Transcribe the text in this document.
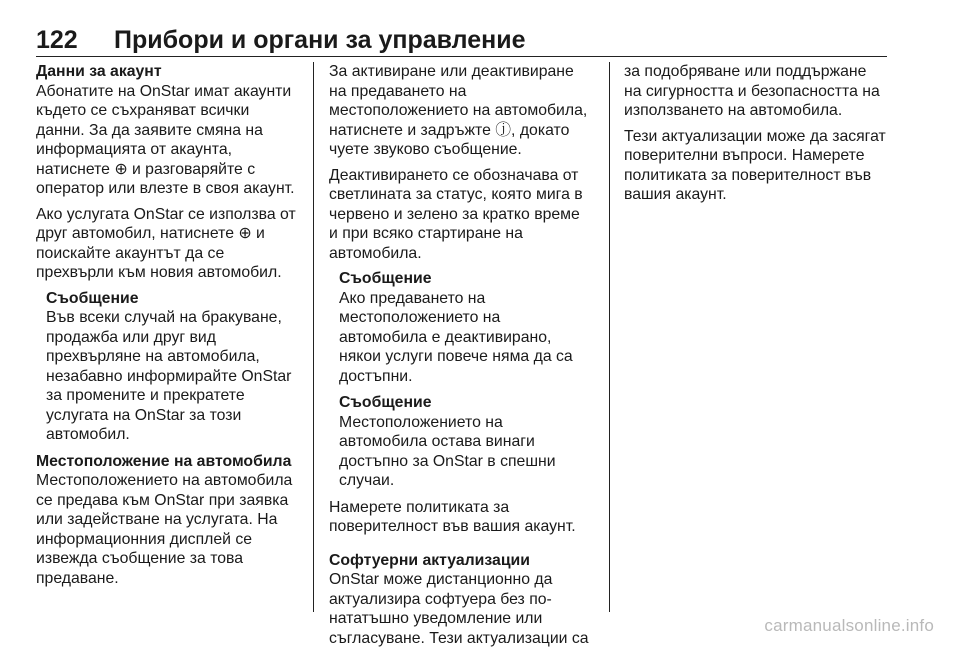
122	Прибори и органи за управление
Данни за акаунт

Абонатите на OnStar имат акаунти
където се съхраняват всички
данни. За да заявите смяна на
информацията от акаунта,
натиснете ⊕ и разговаряйте с
оператор или влезте в своя акаунт.

Ако услугата OnStar се използва от
друг автомобил, натиснете ⊕ и
поискайте акаунтът да се
прехвърли към новия автомобил.

Съобщение

Във всеки случай на бракуване,
продажба или друг вид
прехвърляне на автомобила,
незабавно информирайте OnStar
за промените и прекратете
услугата на OnStar за този
автомобил.

Местоположение на автомобила

Местоположението на автомобила
се предава към OnStar при заявка
или задействане на услугата. На
информационния дисплей се
извежда съобщение за това
предаване.

За активиране или деактивиране
на предаването на
местоположението на автомобила,
натиснете и задръжте ⓙ, докато
чуете звуково съобщение.

Деактивирането се обозначава от
светлината за статус, която мига в
червено и зелено за кратко време
и при всяко стартиране на
автомобила.

Съобщение

Ако предаването на
местоположението на
автомобила е деактивирано,
някои услуги повече няма да са
достъпни.

Съобщение

Местоположението на
автомобила остава винаги
достъпно за OnStar в спешни
случаи.

Намерете политиката за
поверителност във вашия акаунт.

Софтуерни актуализации

OnStar може дистанционно да
актуализира софтуера без по-
нататъшно уведомление или
съгласуване. Тези актуализации са

за подобряване или поддържане
на сигурността и безопасността на
използването на автомобила.

Тези актуализации може да засягат
поверителни въпроси. Намерете
политиката за поверителност във
вашия акаунт.

carmanualsonline.info
